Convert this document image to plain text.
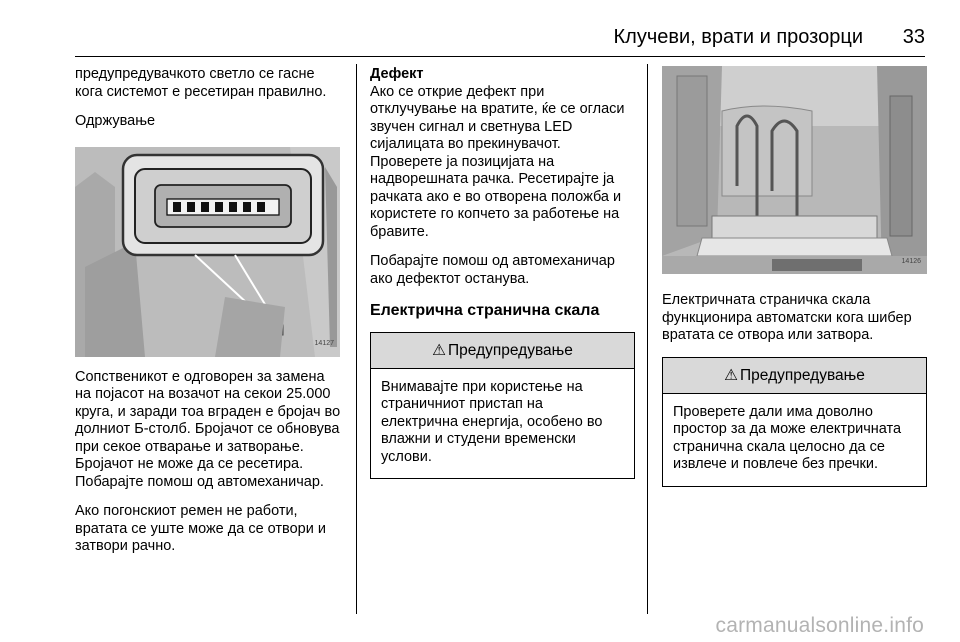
Клучеви, врати и прозорци 33

предупредувачкото светло се гасне кога системот е ресетиран правилно.

Одржување

14127

Сопственикот е одговорен за замена на појасот на возачот на секои 25.000 круга, и заради тоа вграден е бројач во долниот Б-столб. Бројачот се обновува при секое отварање и затворање. Бројачот не може да се ресетира. Побарајте помош од автомеханичар.

Ако погонскиот ремен не работи, вратата се уште може да се отвори и затвори рачно.

Дефект

Ако се открие дефект при отклучување на вратите, ќе се огласи звучен сигнал и светнува LED сијалицата во прекинувачот. Проверете ја позицијата на надворешната рачка. Ресетирајте ја рачката ако е во отворена положба и користете го копчето за работење на бравите.

Побарајте помош од автомеханичар ако дефектот останува.

Електрична странична скала

⚠ Предупредување
Внимавајте при користење на страничниот пристап на електрична енергија, особено во влажни и студени временски услови.
14126

Електричната страничка скала функционира автоматски кога шибер вратата се отвора или затвора.

⚠ Предупредување
Проверете дали има доволно простор за да може електричната странична скала целосно да се извлече и повлече без пречки.
carmanualsonline.info
